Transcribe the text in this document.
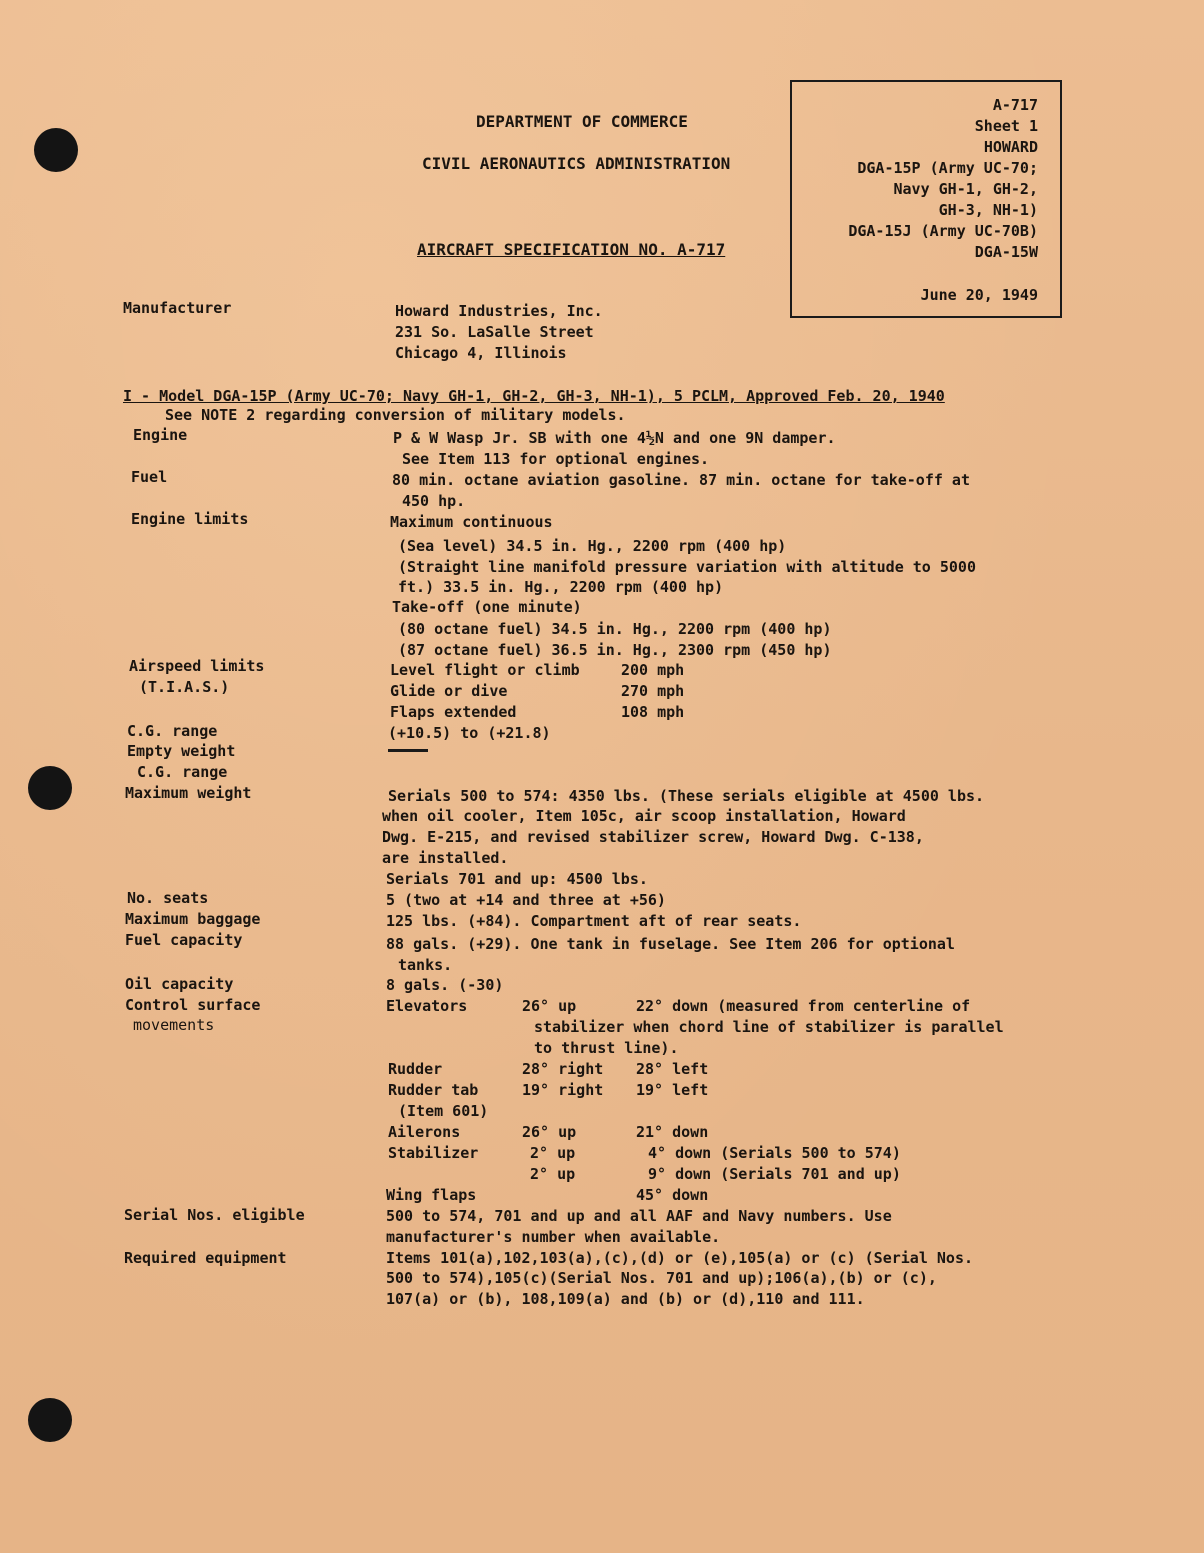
DEPARTMENT OF COMMERCE
CIVIL AERONAUTICS ADMINISTRATION
AIRCRAFT SPECIFICATION NO. A-717
A-717
Sheet 1
HOWARD
DGA-15P (Army UC-70;
Navy GH-1, GH-2,
GH-3, NH-1)
DGA-15J (Army UC-70B)
DGA-15W
June 20, 1949
Manufacturer	Howard Industries, Inc.
231 So. LaSalle Street
Chicago 4, Illinois
I - Model DGA-15P (Army UC-70; Navy GH-1, GH-2, GH-3, NH-1), 5 PCLM, Approved Feb. 20, 1940
See NOTE 2 regarding conversion of military models.
Engine	P & W Wasp Jr. SB with one 4½N and one 9N damper.
See Item 113 for optional engines.
Fuel	80 min. octane aviation gasoline. 87 min. octane for take-off at
450 hp.
Engine limits	Maximum continuous
(Sea level) 34.5 in. Hg., 2200 rpm (400 hp)
(Straight line manifold pressure variation with altitude to 5000
ft.) 33.5 in. Hg., 2200 rpm (400 hp)
Take-off (one minute)
(80 octane fuel) 34.5 in. Hg., 2200 rpm (400 hp)
(87 octane fuel) 36.5 in. Hg., 2300 rpm (450 hp)
Airspeed limits
(T.I.A.S.)
Level flight or climb	200 mph
Glide or dive	270 mph
Flaps extended	108 mph
C.G. range	(+10.5) to (+21.8)
Empty weight
C.G. range
Maximum weight	Serials 500 to 574: 4350 lbs. (These serials eligible at 4500 lbs.
when oil cooler, Item 105c, air scoop installation, Howard
Dwg. E-215, and revised stabilizer screw, Howard Dwg. C-138,
are installed.
Serials 701 and up: 4500 lbs.
No. seats	5 (two at +14 and three at +56)
Maximum baggage	125 lbs. (+84). Compartment aft of rear seats.
Fuel capacity	88 gals. (+29). One tank in fuselage. See Item 206 for optional
tanks.
Oil capacity	8 gals. (-30)
Control surface
movements
Elevators	26° up	22° down (measured from centerline of
stabilizer when chord line of stabilizer is parallel
to thrust line).
Rudder	28° right 28° left
Rudder tab	19° right 19° left
(Item 601)
Ailerons	26° up	21° down
Stabilizer	2° up	4° down (Serials 500 to 574)
2° up	9° down (Serials 701 and up)
Wing flaps	45° down
Serial Nos. eligible	500 to 574, 701 and up and all AAF and Navy numbers. Use
manufacturer's number when available.
Required equipment	Items 101(a),102,103(a),(c),(d) or (e),105(a) or (c) (Serial Nos.
500 to 574),105(c)(Serial Nos. 701 and up);106(a),(b) or (c),
107(a) or (b), 108,109(a) and (b) or (d),110 and 111.
